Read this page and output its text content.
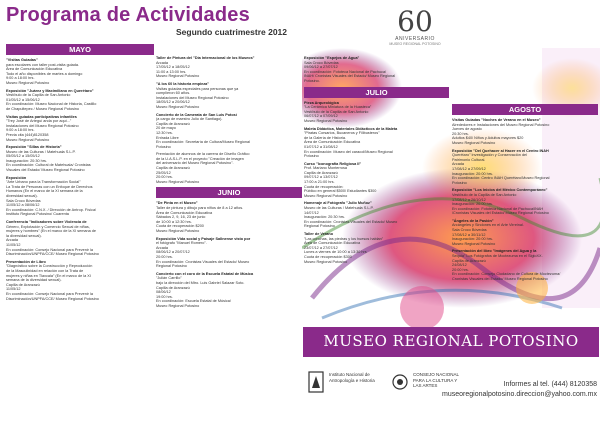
Programa de Actividades
Segundo cuatrimestre 2012	60
ANIVERSARIO
MUSEO REGIONAL POTOSINO
MAYO
"Visitas Guiadas"
para escolares con taller post-visita guiada.
Área de Comunicación Educativa
Todo el año disponibles de martes a domingo
9:00 a 18:00 hrs.
Museo Regional Potosino
Exposición "Juárez y Maximiliano en Querétaro"
Vestíbulo de la Capilla de San Antonio
01/05/12 a 15/06/12
En coordinación: Museo Nacional de Historia, Castillo
de Chapultepec / Museo Regional Potosino
Visitas guiadas participativas infantiles
"Trey José de Arteguí anda por aquí..."
Instalaciones del Museo Regional Potosino
9:00 a 18:00 hrs.
Previa cita (444)8120358
Museo Regional Potosino
Exposición "Sillas de Historia"
Museo de las Culturas / Matehuala S.L.P.
05/05/12 a 15/05/12
Inauguración: 20:30 hrs.
En coordinación: Cultural de Matehuala/ Cronistas
Visuales del Estado/ Museo Regional Potosino
Exposición
"Arte Urbano para la Transformación Social"
La Trata de Personas con un Enfoque de Derechos
Humanos (En el marco de la XI semana de la
diversidad sexual).
Sala Croco Bóvedas
11/05/12 a 08/06/12
En coordinación: C.N.X. / Dirección de Antrop. Física/
Instituto Regional Potosino/ Cuarenta
Conferencia "Indicadores sobre Violencia de
Género, Explotación y Comercio Sexual de niñas,
mujeres y hombres" (En el marco de la XI semana de
la diversidad sexual).
Arcada
11/05/12
En coordinación: Consejo Nacional para Prevenir la
Discriminación/UNPFA/CCE/ Museo Regional Potosino
Presentación de Libro
"Diagnóstico sobre la Construcción y Reproducción
de la Masculinidad en relación con la Trata de
mujeres y niñas en Tlaxcala" (En el marco de la XI
semana de la diversidad sexual).
Capilla de Aranzazú
11/05/12
En coordinación: Consejo Nacional para Prevenir la
Discriminación/UNPFA/CCE/ Museo Regional Potosino
Taller de Pintura del "Día Internacional de los Museos"
Arcada
17/05/12 a 18/05/12
11:00 a 13:00 hrs.
Museo Regional Potosino
"A los 60 la historia empieza"
Visitas guiadas especiales para personas que ya
cumplieron 60 años.
Instalaciones del Museo Regional Potosino
18/05/12 a 20/06/12
Museo Regional Potosino
Concierto de la Camerata de San Luis Potosí
(a cargo de maestro Julio de Santiago).
Capilla de Aranzazú
20 de mayo
12:30 hrs.
Entrada Libre
En coordinación: Secretaría de Cultura/Museo Regional
Potosino
Premiación de alumnos de la carrera de Diseño Gráfico
de la U.A.S.L.P. en el proyecto "Creación de imagen
del aniversario del Museo Regional Potosino".
Capilla de Aranzazú
25/05/12
20:00 hrs.
Museo Regional Potosino
JUNIO
"De Pinta en el Museo"
Taller de pintura y dibujo para niños de 8 a 12 años.
Área de Comunicación Educativa
Sábados 2, 9, 16, 23 de junio
de 10:00 a 12:30 hrs.
Cuota de recuperación $200
Museo Regional Potosino
Exposición Vida social y Paisaje Sallnense visto por
el fotógrafo "Manuel Romero".
Arcada
08/06/12 a 20/07/12
20:00 hrs.
En coordinación: Cronistas Visuales del Estado/ Museo
Regional Potosino
Concierto con el coro de la Escuela Estatal de Música
"Julián Carrillo"
bajo la dirección del Mtro. Luis Gabriel Salazar Soto.
Capilla de Aranzazú
08/06/12
19:00 hrs.
En coordinación: Escuela Estatal de Música/
Museo Regional Potosino
Exposición "Espejos de Agua"
Sala Croco Bóvedas
09/06/12 a 27/07/12
En coordinación: Fototeca Nacional de Pachuca/
INAH/ Cronistas Visuales del Estado/ Museo Regional
Potosino.
JULIO
Pieza Arqueológica
"La Cerámica Miniatura de la Huasteca"
Vestíbulo de la Capilla de San Antonio
06/07/12 a 07/09/12
Museo Regional Potosino
Maleta Didáctica, Materiales Didácticos de la Maleta
"Piratas Corsarios, Bucaneros y Filibusteros"
de la Galería de Historia.
Área de Comunicación Educativa
01/07/12 a 31/08/12
En coordinación: Museo del caracol/Museo Regional
Potosino
Curso "Iconografía Religiosa II"
Prof. Mariano Monterrosa
Capilla de Aranzazú
09/07/12 a 13/07/12
17:00 a 21:00 hrs.
Cuota de recuperación:
Público en general $500/ Estudiantes $300
Museo Regional Potosino
Homenaje al Fotógrafo "Julio Muñoz"
Museo de las Culturas / Matehuala S.L.P.
14/07/12
Inauguración: 20:30 hrs.
En coordinación: Cronistas Visuales del Estado/ Museo
Regional Potosino
Taller de Verano
"Las conchas, las piedras y los huesos hablan"
Área de Comunicación Educativa
23/07/12 a 27/07/12
Lunes a viernes de 10:00 a 13:30 hrs
Cuota de recuperación $300
Museo Regional Potosino
AGOSTO
Visitas Guiadas "Noches de Verano en el Museo"
Alrededores e Instalaciones del Museo Regional Potosino
Jueves de agosto
20:30 hrs.
Adultos $40/ Niños y Adultos mayores $20
Museo Regional Potosino
Exposición "Del Quehacer al Hacer en el Centro INAH
Querétaro" Investigación y Conservación del
Patrimonio Cultural.
Arcada
17/08/12 a 27/09/12
Inauguración: 20:00 hrs.
En coordinación: Centro INAH Querétaro/Museo Regional
Potosino
Exposición "Los Inicios del México Contemporáneo"
Vestíbulo de la Capilla de San Antonio
17/08/12 a 26/10/12
Inauguración: 20:00 hrs.
En coordinación: Fototeca Nacional de Pachuca/INAH
/Cronistas Visuales del Estado/ Museo Regional Potosino
"Ángeles de la Pasión"
Arcángeles y Sindones en el Arte Virreinal.
Sala Croco Bóvedas
17/08/12 a 30/11/12
Inauguración: 20:00 hrs.
Museo Regional Potosino
Presentación del libro "Imágenes del Agua y la
Sequía" Los Fotógrafos de Moctezuma en el SigloXX.
Capilla de Aranzazú
24/08/12
20:00 hrs.
En coordinación: Consejo Ciudadano de Cultura de Moctezuma/
Cronistas Visuales del Estado/ Museo Regional Potosino
MUSEO REGIONAL POTOSINO
Instituto Nacional de Antropología e Historia
CONSEJO NACIONAL PARA LA CULTURA Y LAS ARTES	Informes al tel. (444) 8120358
museoregionalpotosino.direccion@yahoo.com.mx
